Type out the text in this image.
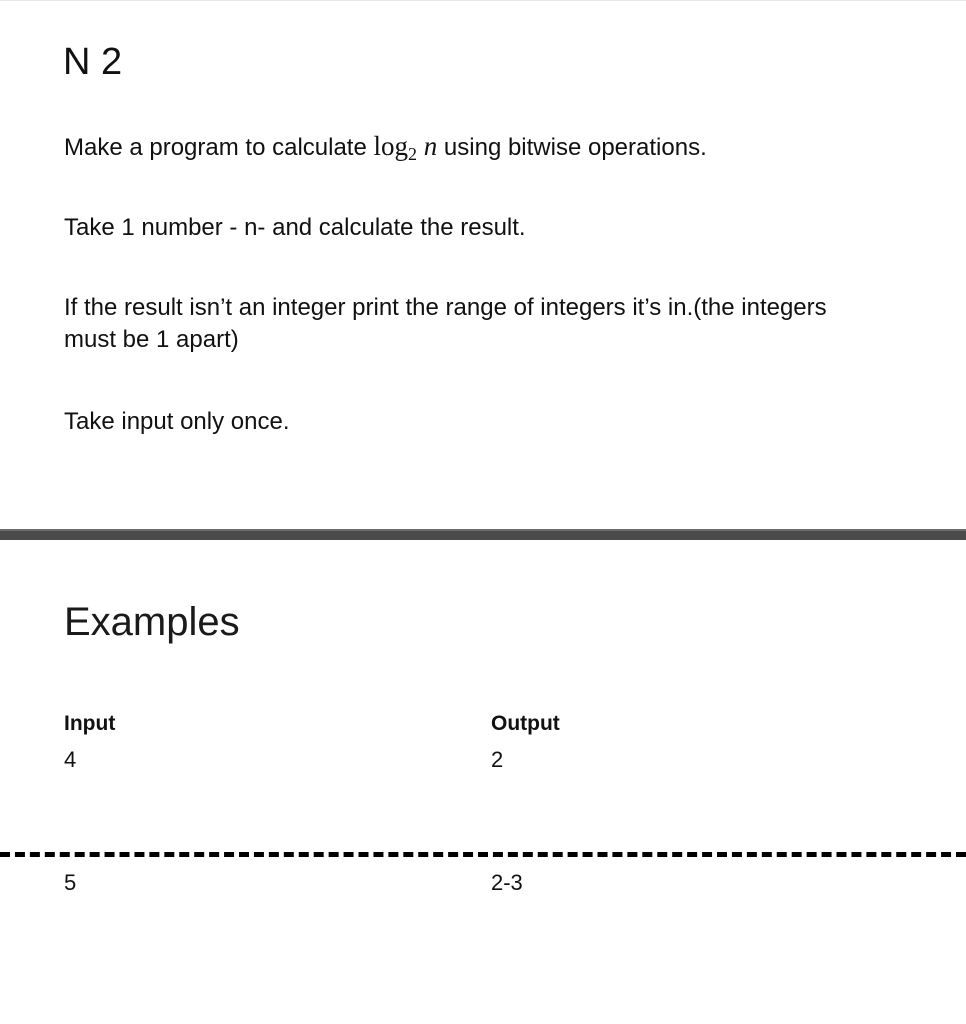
N 2

Make a program to calculate $\log_2 n$ using bitwise operations.

Take 1 number - n- and calculate the result.

If the result isn’t an integer print the range of integers it’s in.(the integers must be 1 apart)

Take input only once.

Examples
Input	Output
4	2
5	2-3
